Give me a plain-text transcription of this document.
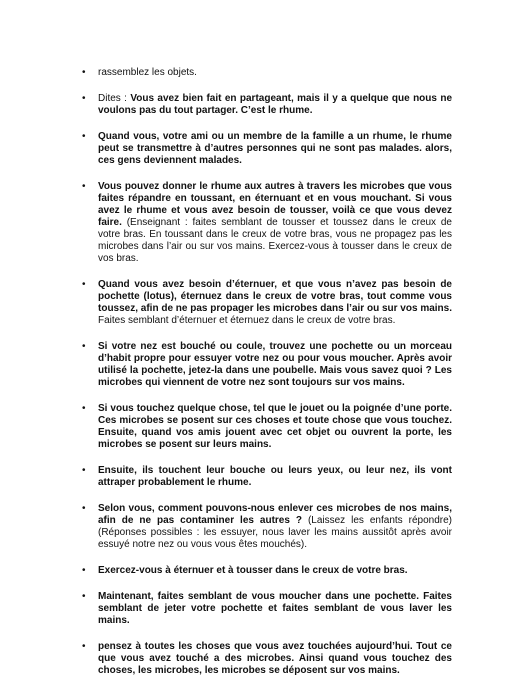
• rassemblez les objets.
• Dites : Vous avez bien fait en partageant, mais il y a quelque que nous ne voulons pas du tout partager. C’est le rhume.
• Quand vous, votre ami ou un membre de la famille a un rhume, le rhume peut se transmettre à d’autres personnes qui ne sont pas malades. alors, ces gens deviennent malades.
• Vous pouvez donner le rhume aux autres à travers les microbes que vous faites répandre en toussant, en éternuant et en vous mouchant. Si vous avez le rhume et vous avez besoin de tousser, voilà ce que vous devez faire. (Enseignant : faites semblant de tousser et toussez dans le creux de votre bras. En toussant dans le creux de votre bras, vous ne propagez pas les microbes dans l’air ou sur vos mains. Exercez-vous à tousser dans le creux de vos bras.
• Quand vous avez besoin d’éternuer, et que vous n’avez pas besoin de pochette (lotus), éternuez dans le creux de votre bras, tout comme vous toussez, afin de ne pas propager les microbes dans l’air ou sur vos mains. Faites semblant d’éternuer et éternuez dans le creux de votre bras.
• Si votre nez est bouché ou coule, trouvez une pochette ou un morceau d’habit propre pour essuyer votre nez ou pour vous moucher. Après avoir utilisé la pochette, jetez-la dans une poubelle. Mais vous savez quoi ? Les microbes qui viennent de votre nez sont toujours sur vos mains.
• Si vous touchez quelque chose, tel que le jouet ou la poignée d’une porte. Ces microbes se posent sur ces choses et toute chose que vous touchez. Ensuite, quand vos amis jouent avec cet objet ou ouvrent la porte, les microbes se posent sur leurs mains.
• Ensuite, ils touchent leur bouche ou leurs yeux, ou leur nez, ils vont attraper probablement le rhume.
• Selon vous, comment pouvons-nous enlever ces microbes de nos mains, afin de ne pas contaminer les autres ? (Laissez les enfants répondre) (Réponses possibles : les essuyer, nous laver les mains aussitôt après avoir essuyé notre nez ou vous vous êtes mouchés).
• Exercez-vous à éternuer et à tousser dans le creux de votre bras.
• Maintenant, faites semblant de vous moucher dans une pochette. Faites semblant de jeter votre pochette et faites semblant de vous laver les mains.
• pensez à toutes les choses que vous avez touchées aujourd’hui. Tout ce que vous avez touché a des microbes. Ainsi quand vous touchez des choses, les microbes, les microbes se déposent sur vos mains.
